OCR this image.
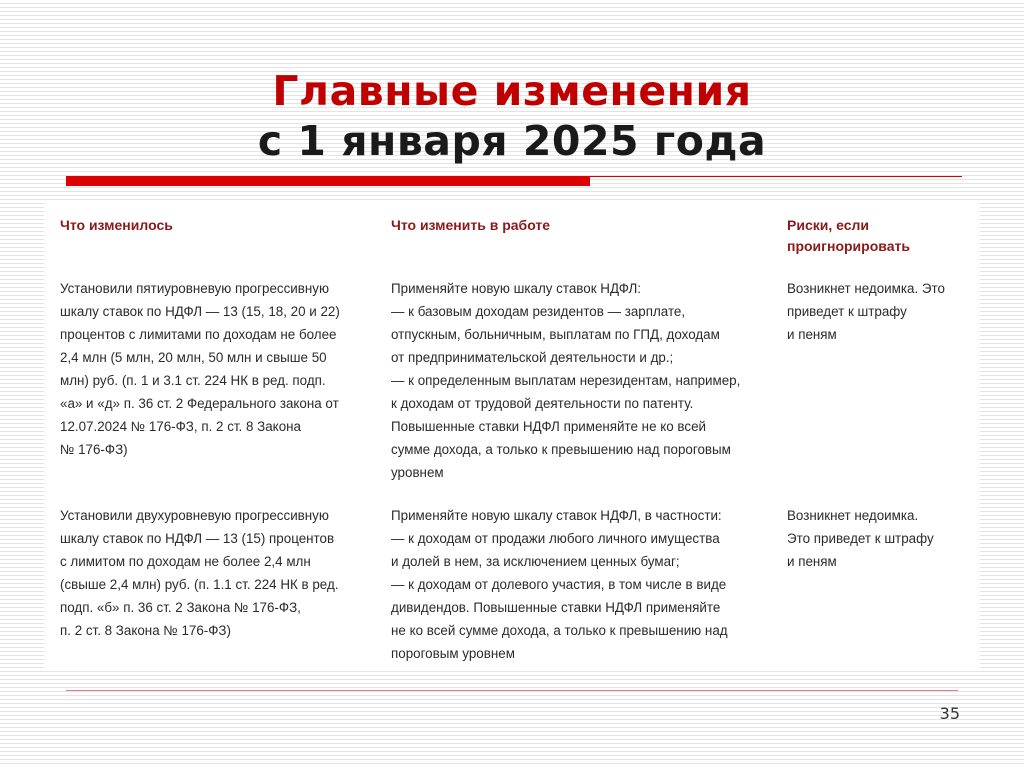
Главные изменения
с 1 января 2025 года
Что изменилось	Что изменить в работе	Риски, если
проигнорировать
Установили пятиуровневую прогрессивную
шкалу ставок по НДФЛ — 13 (15, 18, 20 и 22)
процентов с лимитами по доходам не более
2,4 млн (5 млн, 20 млн, 50 млн и свыше 50
млн) руб. (п. 1 и 3.1 ст. 224 НК в ред. подп.
«а» и «д» п. 36 ст. 2 Федерального закона от
12.07.2024 № 176-ФЗ, п. 2 ст. 8 Закона
№ 176-ФЗ)
Применяйте новую шкалу ставок НДФЛ:
— к базовым доходам резидентов — зарплате,
отпускным, больничным, выплатам по ГПД, доходам
от предпринимательской деятельности и др.;
— к определенным выплатам нерезидентам, например,
к доходам от трудовой деятельности по патенту.
Повышенные ставки НДФЛ применяйте не ко всей
сумме дохода, а только к превышению над пороговым
уровнем
Возникнет недоимка. Это
приведет к штрафу
и пеням
Установили двухуровневую прогрессивную
шкалу ставок по НДФЛ — 13 (15) процентов
с лимитом по доходам не более 2,4 млн
(свыше 2,4 млн) руб. (п. 1.1 ст. 224 НК в ред.
подп. «б» п. 36 ст. 2 Закона № 176-ФЗ,
п. 2 ст. 8 Закона № 176-ФЗ)
Применяйте новую шкалу ставок НДФЛ, в частности:
— к доходам от продажи любого личного имущества
и долей в нем, за исключением ценных бумаг;
— к доходам от долевого участия, в том числе в виде
дивидендов. Повышенные ставки НДФЛ применяйте
не ко всей сумме дохода, а только к превышению над
пороговым уровнем
Возникнет недоимка.
Это приведет к штрафу
и пеням
35
